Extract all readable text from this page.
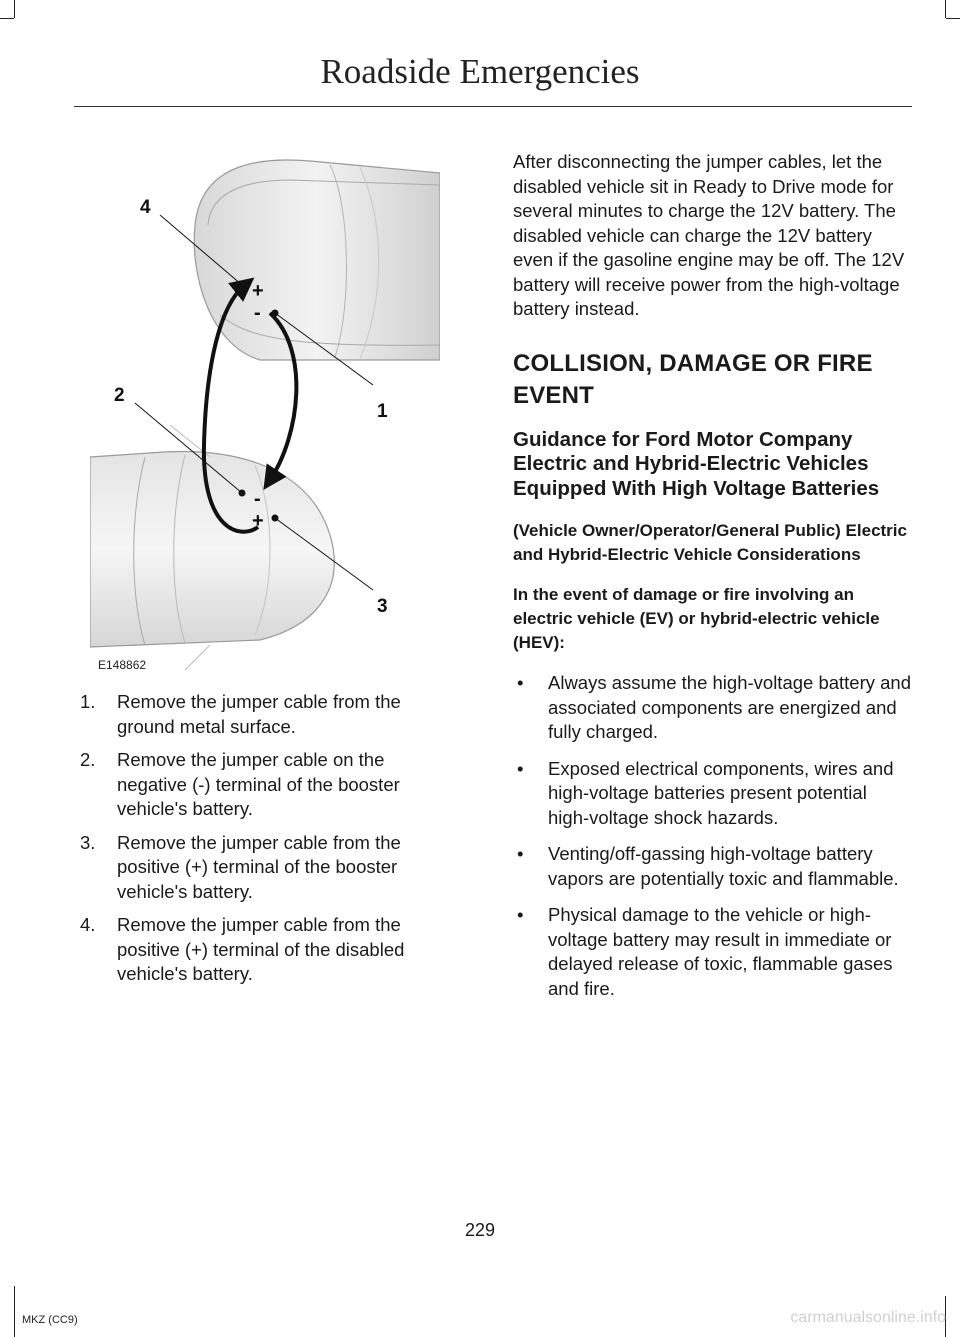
Roadside Emergencies
+
-
-
+
4
2
1
3
E148862
1. Remove the jumper cable from the ground metal surface.
2. Remove the jumper cable on the negative (-) terminal of the booster vehicle's battery.
3. Remove the jumper cable from the positive (+) terminal of the booster vehicle's battery.
4. Remove the jumper cable from the positive (+) terminal of the disabled vehicle's battery.

After disconnecting the jumper cables, let the disabled vehicle sit in Ready to Drive mode for several minutes to charge the 12V battery. The disabled vehicle can charge the 12V battery even if the gasoline engine may be off. The 12V battery will receive power from the high-voltage battery instead.

COLLISION, DAMAGE OR FIRE EVENT
Guidance for Ford Motor Company Electric and Hybrid-Electric Vehicles Equipped With High Voltage Batteries
(Vehicle Owner/Operator/General Public) Electric and Hybrid-Electric Vehicle Considerations
In the event of damage or fire involving an electric vehicle (EV) or hybrid-electric vehicle (HEV):
• Always assume the high-voltage battery and associated components are energized and fully charged.
• Exposed electrical components, wires and high-voltage batteries present potential high-voltage shock hazards.
• Venting/off-gassing high-voltage battery vapors are potentially toxic and flammable.
• Physical damage to the vehicle or high-voltage battery may result in immediate or delayed release of toxic, flammable gases and fire.
229
MKZ (CC9)	carmanualsonline.info
